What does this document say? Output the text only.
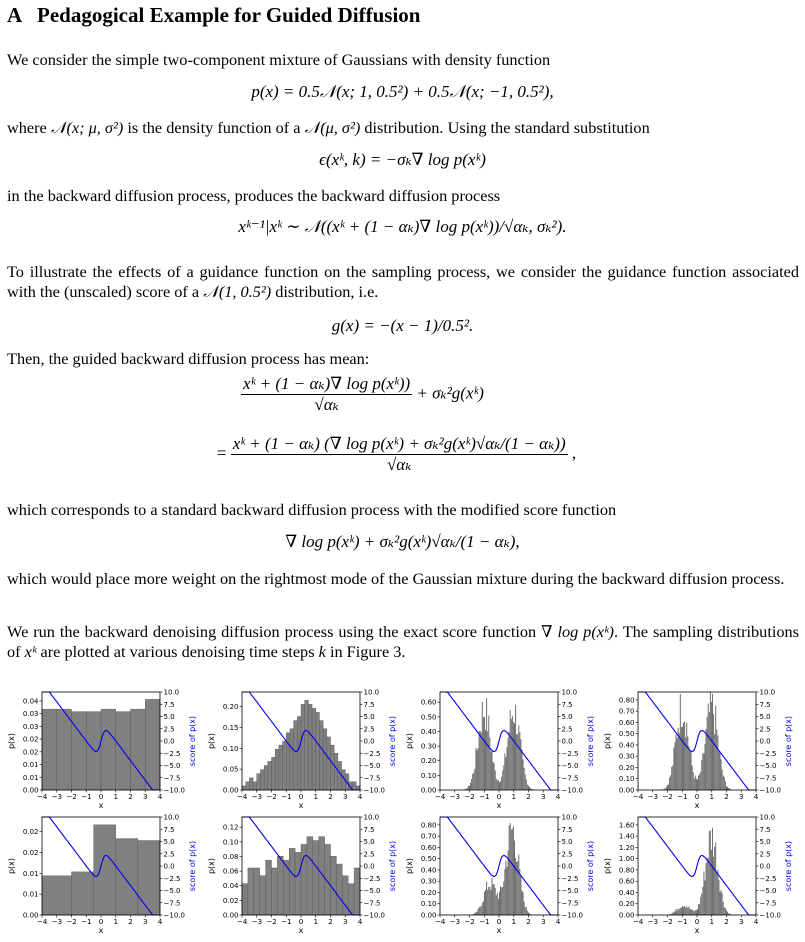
A Pedagogical Example for Guided Diffusion
We consider the simple two-component mixture of Gaussians with density function
p(x) = 0.5𝒩(x; 1, 0.5²) + 0.5𝒩(x; −1, 0.5²),
where 𝒩(x; μ, σ²) is the density function of a 𝒩(μ, σ²) distribution. Using the standard substitution
ϵ(xᵏ, k) = −σₖ∇ log p(xᵏ)
in the backward diffusion process, produces the backward diffusion process
xᵏ⁻¹|xᵏ ∼ 𝒩((xᵏ + (1 − αₖ)∇ log p(xᵏ))/√αₖ, σₖ²).
To illustrate the effects of a guidance function on the sampling process, we consider the guidance function associated with the (unscaled) score of a 𝒩(1, 0.5²) distribution, i.e.
g(x) = −(x − 1)/0.5².
Then, the guided backward diffusion process has mean:
$\frac{\text{xᵏ + (1 − αₖ)∇ log p(xᵏ))}}{\text{√αₖ}}$ + σₖ²g(xᵏ)
= $\frac{\text{xᵏ + (1 − αₖ) (∇ log p(xᵏ) + σₖ²g(xᵏ)√αₖ/(1 − αₖ))}}{\text{√αₖ}}$ ,
which corresponds to a standard backward diffusion process with the modified score function
∇ log p(xᵏ) + σₖ²g(xᵏ)√αₖ/(1 − αₖ),
which would place more weight on the rightmost mode of the Gaussian mixture during the backward diffusion process.
We run the backward denoising diffusion process using the exact score function ∇ log p(xᵏ). The sampling distributions of xᵏ are plotted at various denoising time steps k in Figure 3.
−4 −3 −2 −1 0 1 2 3 4
x
0.00
0.01
0.01
0.02
0.02
0.03
0.03
0.04
p(x)
10.0
7.5
5.0
2.5
0.0
−2.5
−5.0
−7.5
−10.0
score of p(x)
−4 −3 −2 −1 0 1 2 3 4
x
0.00
0.05
0.10
0.15
0.20
p(x)
10.0
7.5
5.0
2.5
0.0
−2.5
−5.0
−7.5
−10.0
score of p(x)
−4 −3 −2 −1 0 1 2 3 4
x
0.00
0.10
0.20
0.30
0.40
0.50
0.60
p(x)
10.0
7.5
5.0
2.5
0.0
−2.5
−5.0
−7.5
−10.0
score of p(x)
−4 −3 −2 −1 0 1 2 3 4
x
0.00
0.10
0.20
0.30
0.40
0.50
0.60
0.70
0.80
p(x)
10.0
7.5
5.0
2.5
0.0
−2.5
−5.0
−7.5
−10.0
score of p(x)
−4 −3 −2 −1 0 1 2 3 4
x
0.00
0.01
0.01
0.02
0.02
p(x)
10.0
7.5
5.0
2.5
0.0
−2.5
−5.0
−7.5
−10.0
score of p(x)
−4 −3 −2 −1 0 1 2 3 4
x
0.00
0.02
0.04
0.06
0.08
0.10
0.12
p(x)
10.0
7.5
5.0
2.5
0.0
−2.5
−5.0
−7.5
−10.0
score of p(x)
−4 −3 −2 −1 0 1 2 3 4
x
0.00
0.10
0.20
0.30
0.40
0.50
0.60
0.70
0.80
p(x)
10.0
7.5
5.0
2.5
0.0
−2.5
−5.0
−7.5
−10.0
score of p(x)
−4 −3 −2 −1 0 1 2 3 4
x
0.00
0.20
0.40
0.60
0.80
1.00
1.20
1.40
1.60
p(x)
10.0
7.5
5.0
2.5
0.0
−2.5
−5.0
−7.5
−10.0
score of p(x)
